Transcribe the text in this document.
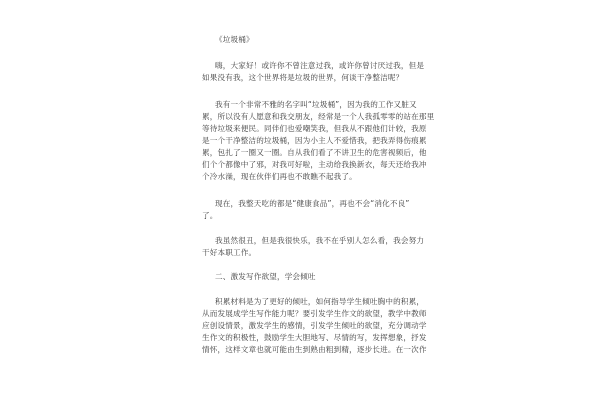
《垃圾桶》
嗨，大家好！或许你不曾注意过我，或许你曾讨厌过我，但是
如果没有我，这个世界将是垃圾的世界，何谈干净整洁呢？
我有一个非常不雅的名字叫“垃圾桶”，因为我的工作又脏又
累，所以没有人愿意和我交朋友，经常是一个人我孤零零的站在那里
等待垃圾来便民。同伴们也爱嘲笑我，但我从不跟他们计较，我原
是一个干净整洁的垃圾桶，因为小主人不爱惜我，把我弄得伤痕累
累，包扎了一圈又一圈。自从我们看了不讲卫生的危害视频后，他
们个个都像中了邪，对我可好啦，主动给我换新衣，每天还给我冲
个冷水澡，现在伙伴们再也不敢瞧不起我了。
现在，我整天吃的都是“健康食品”，再也不会“消化不良”
了。
我虽然很丑，但是我很快乐，我不在乎别人怎么看，我会努力
干好本职工作。
二、激发写作欲望，学会倾吐
积累材料是为了更好的倾吐，如何指导学生倾吐胸中的积累，
从而发展成学生写作能力呢？要引发学生作文的欲望，教学中教师
应创设情景，激发学生的感情，引发学生倾吐的欲望，充分调动学
生作文的积极性，鼓励学生大胆地写、尽情的写，发挥想象，抒发
情怀，这样文章也就可能由生到熟由粗到精，逐步长进。在一次作
